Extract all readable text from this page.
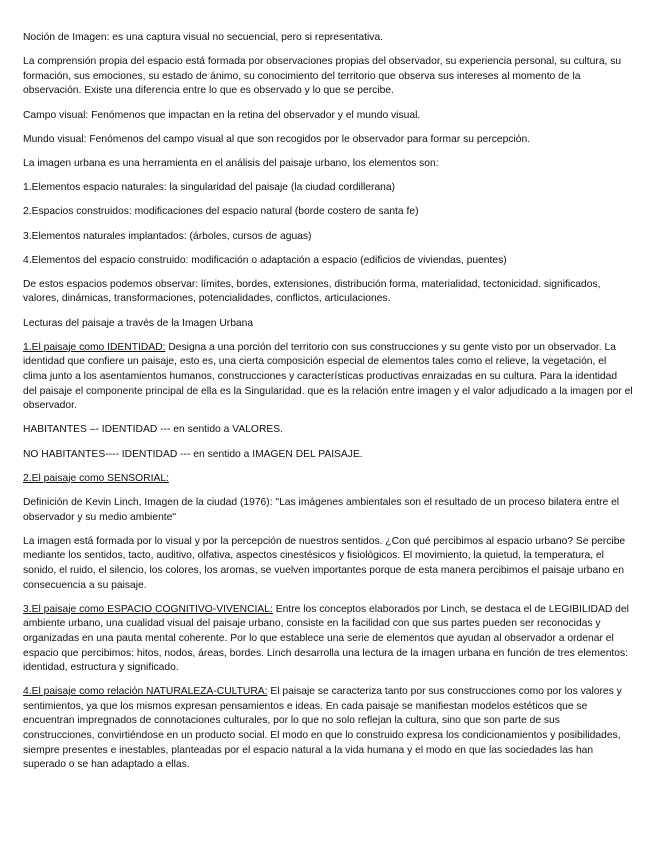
Noción de Imagen: es una captura visual no secuencial, pero si representativa.

La comprensión propia del espacio está formada por observaciones propias del observador, su experiencia personal, su cultura, su formación, sus emociones, su estado de ánimo, su conocimiento del territorio que observa sus intereses al momento de la observación. Existe una diferencia entre lo que es observado y lo que se percibe.

Campo visual: Fenómenos que impactan en la retina del observador y el mundo visual.

Mundo visual: Fenómenos del campo visual al que son recogidos por le observador para formar su percepción.

La imagen urbana es una herramienta en el análisis del paisaje urbano, los elementos son:

1.Elementos espacio naturales: la singularidad del paisaje (la ciudad cordillerana)

2.Espacios construidos: modificaciones del espacio natural (borde costero de santa fe)

3.Elementos naturales implantados: (árboles, cursos de aguas)

4.Elementos del espacio construido: modificación o adaptación a espacio (edificios de viviendas, puentes)

De estos espacios podemos observar: límites, bordes, extensiones, distribución forma, materialidad, tectonicidad. significados, valores, dinámicas, transformaciones, potencialidades, conflictos, articulaciones.

Lecturas del paisaje a través de la Imagen Urbana

1.El paisaje como IDENTIDAD: Designa a una porción del territorio con sus construcciones y su gente visto por un observador. La identidad que confiere un paisaje, esto es, una cierta composición especial de elementos tales como el relieve, la vegetación, el clima junto a los asentamientos humanos, construcciones y características productivas enraizadas en su cultura. Para la identidad del paisaje el componente principal de ella es la Singularidad. que es la relación entre imagen y el valor adjudicado a la imagen por el observador.

HABITANTES –- IDENTIDAD --- en sentido a VALORES.

NO HABITANTES---- IDENTIDAD --- en sentido a IMAGEN DEL PAISAJE.

2.El paisaje como SENSORIAL:

Definición de Kevin Linch, Imagen de la ciudad (1976): "Las imágenes ambientales son el resultado de un proceso bilatera entre el observador y su medio ambiente"

La imagen está formada por lo visual y por la percepción de nuestros sentidos. ¿Con qué percibimos al espacio urbano? Se percibe mediante los sentidos, tacto, auditivo, olfativa, aspectos cinestésicos y fisiológicos. El movimiento, la quietud, la temperatura, el sonido, el ruido, el silencio, los colores, los aromas, se vuelven importantes porque de esta manera percibimos el paisaje urbano en consecuencia a su paisaje.

3.El paisaje como ESPACIO COGNITIVO-VIVENCIAL: Entre los conceptos elaborados por Linch, se destaca el de LEGIBILIDAD del ambiente urbano, una cualidad visual del paisaje urbano, consiste en la facilidad con que sus partes pueden ser reconocidas y organizadas en una pauta mental coherente. Por lo que establece una serie de elementos que ayudan al observador a ordenar el espacio que percibimos: hitos, nodos, áreas, bordes. Linch desarrolla una lectura de la imagen urbana en función de tres elementos: identidad, estructura y significado.

4.El paisaje como relación NATURALEZA-CULTURA: El paisaje se caracteriza tanto por sus construcciones como por los valores y sentimientos, ya que los mismos expresan pensamientos e ideas. En cada paisaje se manifiestan modelos estéticos que se encuentran impregnados de connotaciones culturales, por lo que no solo reflejan la cultura, sino que son parte de sus construcciones, convirtiéndose en un producto social. El modo en que lo construido expresa los condicionamientos y posibilidades, siempre presentes e inestables, planteadas por el espacio natural a la vida humana y el modo en que las sociedades las han superado o se han adaptado a ellas.
